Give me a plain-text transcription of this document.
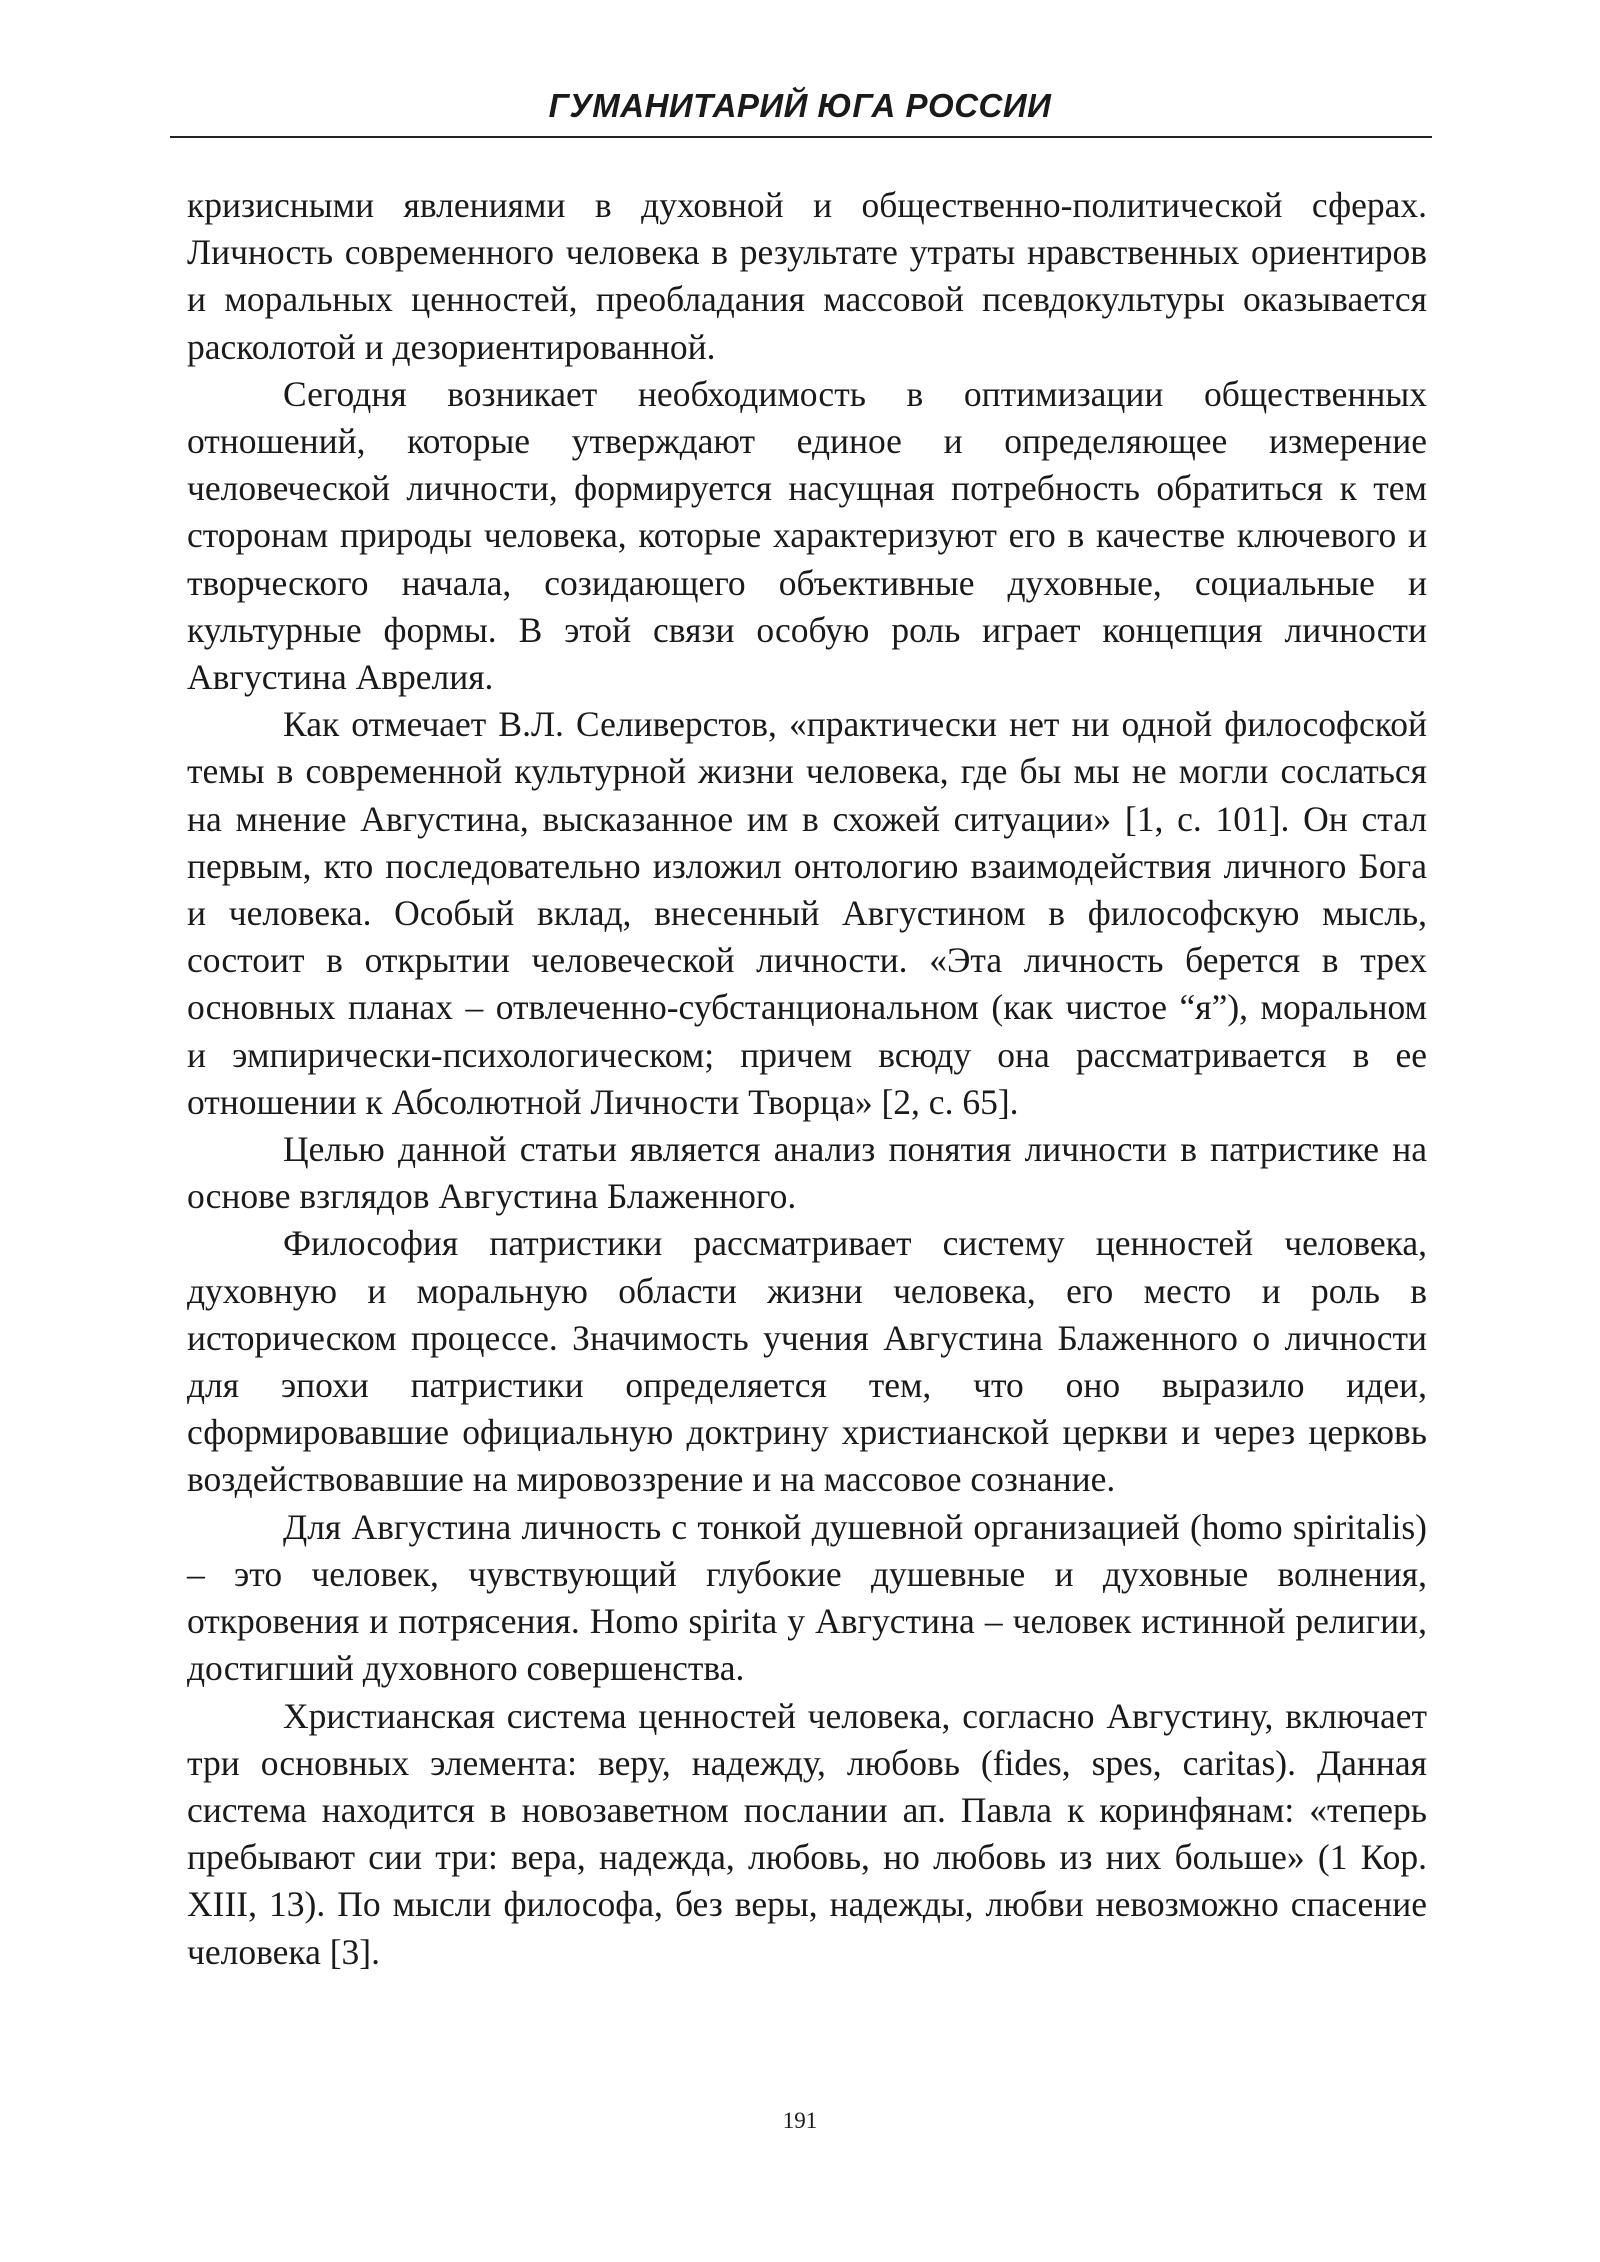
ГУМАНИТАРИЙ ЮГА РОССИИ

кризисными явлениями в духовной и общественно-политической сферах. Личность современного человека в результате утраты нравственных ориентиров и моральных ценностей, преобладания массовой псевдокультуры оказывается расколотой и дезориентированной.

Сегодня возникает необходимость в оптимизации общественных отношений, которые утверждают единое и определяющее измерение человеческой личности, формируется насущная потребность обратиться к тем сторонам природы человека, которые характеризуют его в качестве ключевого и творческого начала, созидающего объективные духовные, социальные и культурные формы. В этой связи особую роль играет концепция личности Августина Аврелия.

Как отмечает В.Л. Селиверстов, «практически нет ни одной философской темы в современной культурной жизни человека, где бы мы не могли сослаться на мнение Августина, высказанное им в схожей ситуации» [1, с. 101]. Он стал первым, кто последовательно изложил онтологию взаимодействия личного Бога и человека. Особый вклад, внесенный Августином в философскую мысль, состоит в открытии человеческой личности. «Эта личность берется в трех основных планах – отвлеченно-субстанциональном (как чистое “я”), моральном и эмпирически-психологическом; причем всюду она рассматривается в ее отношении к Абсолютной Личности Творца» [2, с. 65].

Целью данной статьи является анализ понятия личности в патристике на основе взглядов Августина Блаженного.

Философия патристики рассматривает систему ценностей человека, духовную и моральную области жизни человека, его место и роль в историческом процессе. Значимость учения Августина Блаженного о личности для эпохи патристики определяется тем, что оно выразило идеи, сформировавшие официальную доктрину христианской церкви и через церковь воздействовавшие на мировоззрение и на массовое сознание.

Для Августина личность с тонкой душевной организацией (homo spiritalis) – это человек, чувствующий глубокие душевные и духовные волнения, откровения и потрясения. Homo spirita у Августина – человек истинной религии, достигший духовного совершенства.

Христианская система ценностей человека, согласно Августину, включает три основных элемента: веру, надежду, любовь (fides, spes, caritas). Данная система находится в новозаветном послании ап. Павла к коринфянам: «теперь пребывают сии три: вера, надежда, любовь, но любовь из них больше» (1 Кор. XIII, 13). По мысли философа, без веры, надежды, любви невозможно спасение человека [3].

191
